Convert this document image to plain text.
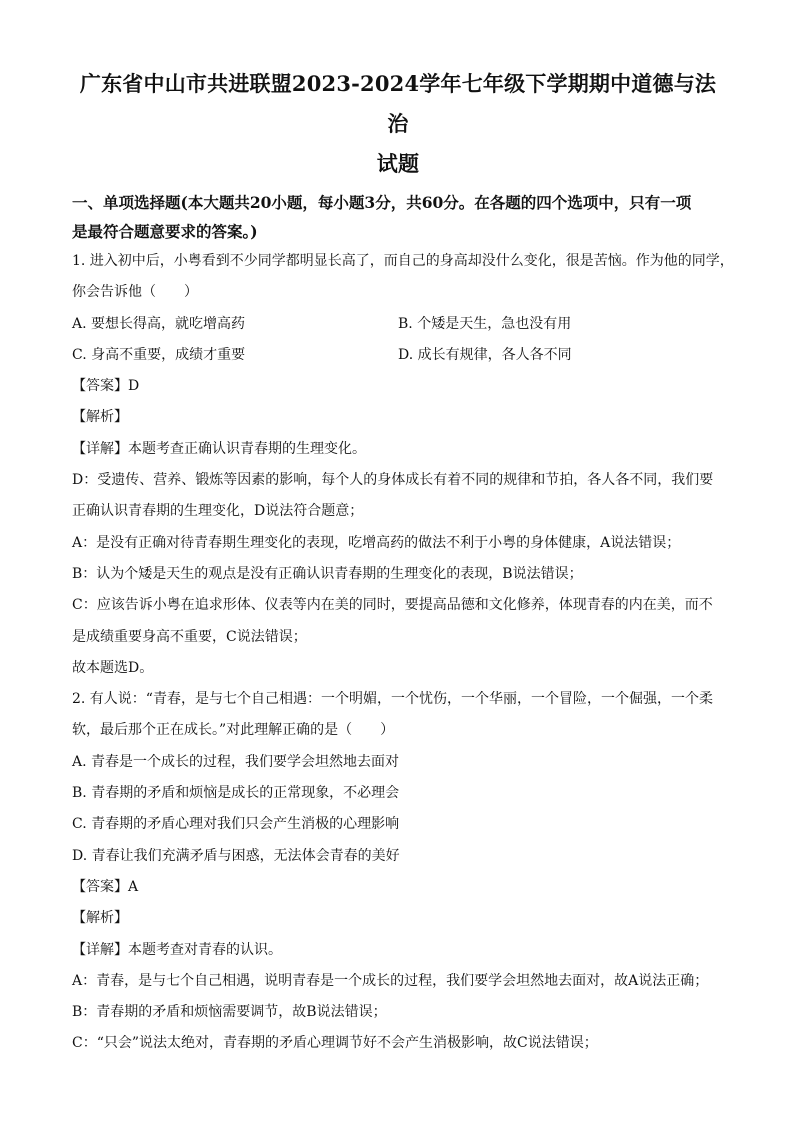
广东省中山市共进联盟2023-2024学年七年级下学期期中道德与法治

试题

一、单项选择题(本大题共20小题，每小题3分，共60分。在各题的四个选项中，只有一项

是最符合题意要求的答案。)

1. 进入初中后，小粤看到不少同学都明显长高了，而自己的身高却没什么变化，很是苦恼。作为他的同学，

你会告诉他（　　）

A. 要想长得高，就吃增高药	B. 个矮是天生，急也没有用
C. 身高不重要，成绩才重要	D. 成长有规律，各人各不同

【答案】D

【解析】

【详解】本题考查正确认识青春期的生理变化。

D：受遗传、营养、锻炼等因素的影响，每个人的身体成长有着不同的规律和节拍，各人各不同，我们要

正确认识青春期的生理变化，D说法符合题意；

A：是没有正确对待青春期生理变化的表现，吃增高药的做法不利于小粤的身体健康，A说法错误；

B：认为个矮是天生的观点是没有正确认识青春期的生理变化的表现，B说法错误；

C：应该告诉小粤在追求形体、仪表等内在美的同时，要提高品德和文化修养，体现青春的内在美，而不

是成绩重要身高不重要，C说法错误；

故本题选D。

2. 有人说：“青春，是与七个自己相遇：一个明媚，一个忧伤，一个华丽，一个冒险，一个倔强，一个柔

软，最后那个正在成长。”对此理解正确的是（　　）

A. 青春是一个成长的过程，我们要学会坦然地去面对

B. 青春期的矛盾和烦恼是成长的正常现象，不必理会

C. 青春期的矛盾心理对我们只会产生消极的心理影响

D. 青春让我们充满矛盾与困惑，无法体会青春的美好

【答案】A

【解析】

【详解】本题考查对青春的认识。

A：青春，是与七个自己相遇，说明青春是一个成长的过程，我们要学会坦然地去面对，故A说法正确；

B：青春期的矛盾和烦恼需要调节，故B说法错误；

C：“只会”说法太绝对，青春期的矛盾心理调节好不会产生消极影响，故C说法错误；
